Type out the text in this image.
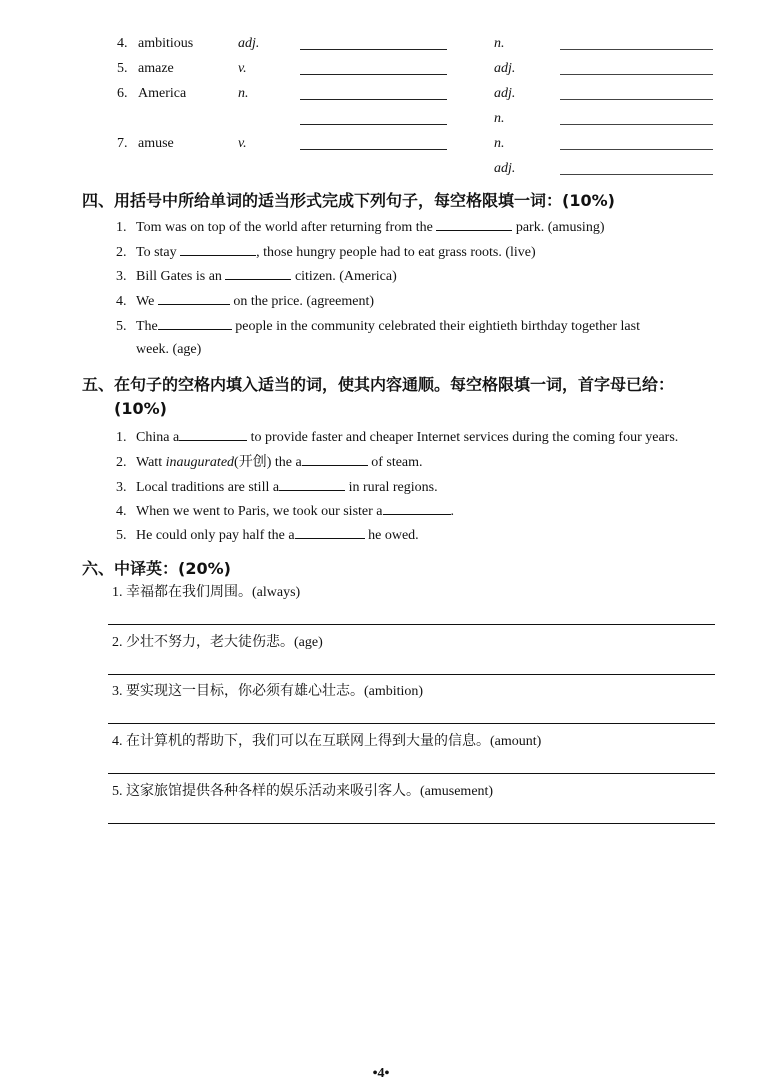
4. ambitious	adj.	n.
5. amaze	v.	adj.
6. America	n.	adj.
n.
7. amuse	v.	n.
adj.
四、用括号中所给单词的适当形式完成下列句子，每空格限填一词：(10%)
1. Tom was on top of the world after returning from the	park. (amusing)
2. To stay	, those hungry people had to eat grass roots. (live)
3. Bill Gates is an	citizen. (America)
4. We	on the price. (agreement)
5. The	people in the community celebrated their eightieth birthday together last
week. (age)
五、在句子的空格内填入适当的词，使其内容通顺。每空格限填一词，首字母已给：
(10%)
1. China a	to provide faster and cheaper Internet services during the coming four years.
2. Watt inaugurated(开创) the a	of steam.
3. Local traditions are still a	in rural regions.
4. When we went to Paris, we took our sister a	.
5. He could only pay half the a	he owed.
六、中译英：(20%)
1. 幸福都在我们周围。(always)
2. 少壮不努力，老大徒伤悲。(age)
3. 要实现这一目标，你必须有雄心壮志。(ambition)
4. 在计算机的帮助下，我们可以在互联网上得到大量的信息。(amount)
5. 这家旅馆提供各种各样的娱乐活动来吸引客人。(amusement)
•4•
